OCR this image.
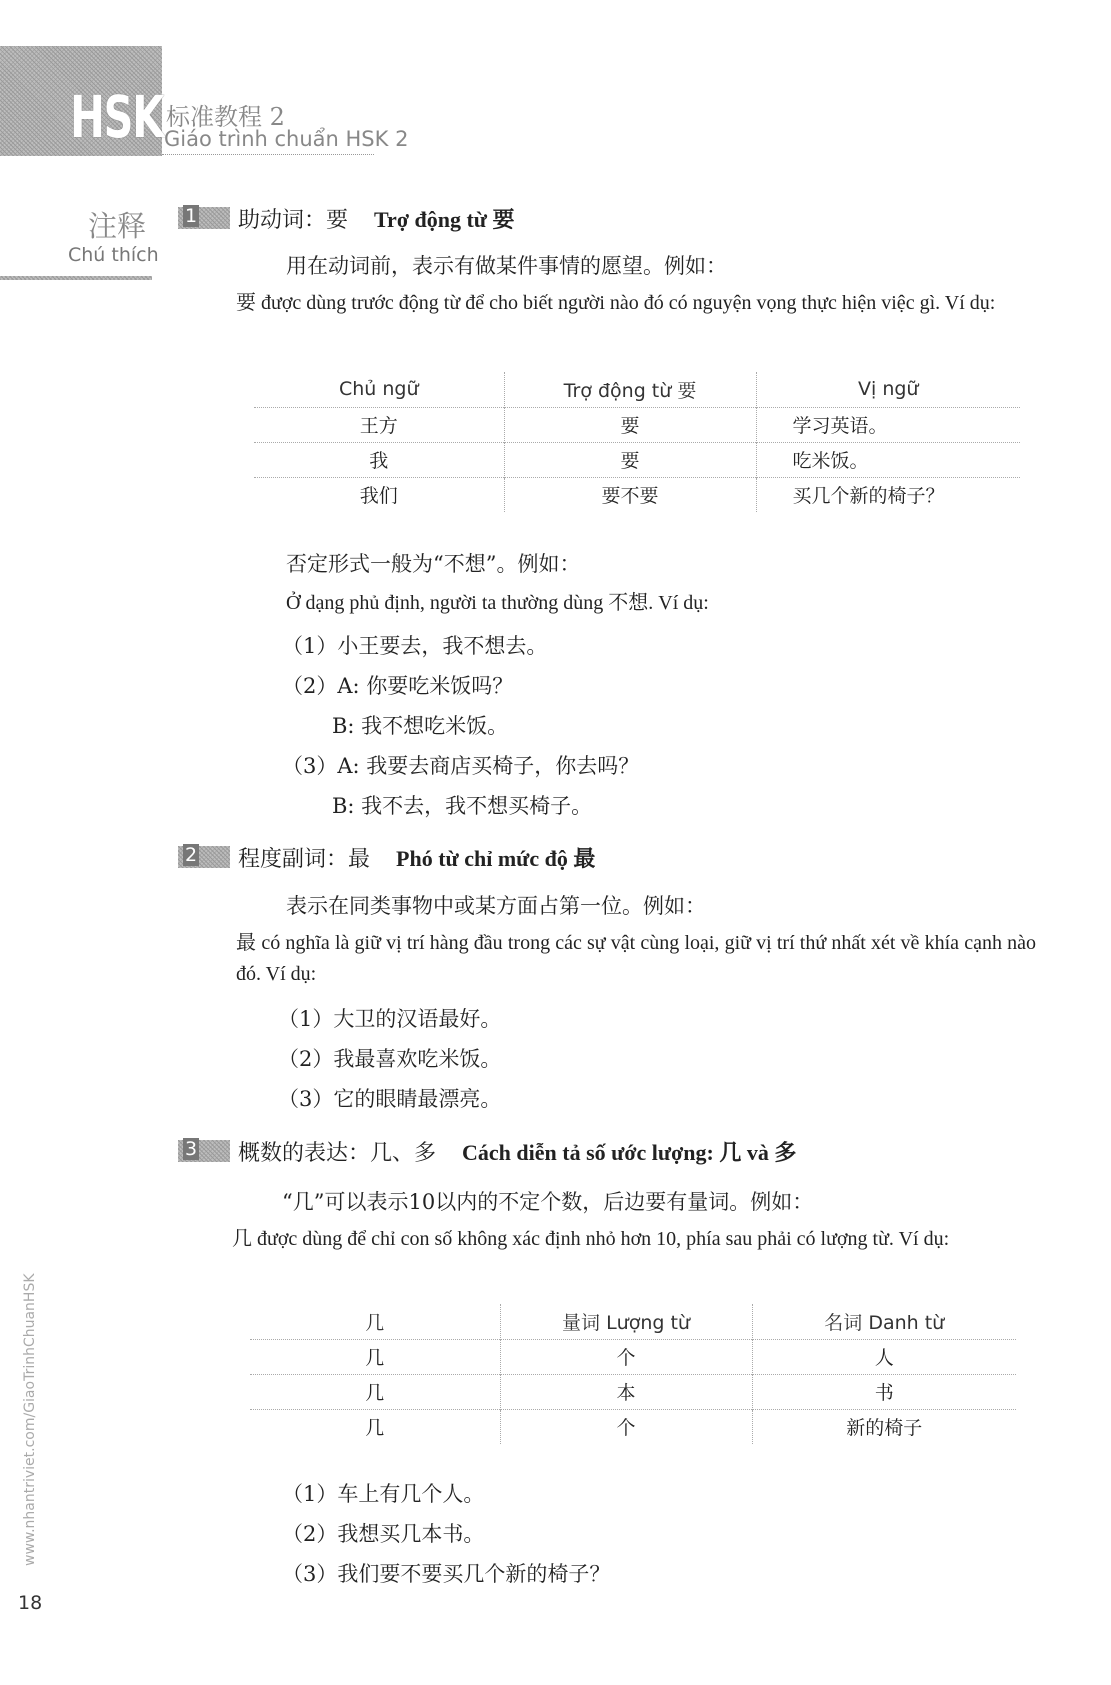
HSK 标准教程 2
Giáo trình chuẩn HSK 2
注释
Chú thích
www.nhantriviet.com/GiaoTrinhChuanHSK
18
1 助动词：要 Trợ động từ 要
用在动词前，表示有做某件事情的愿望。例如：
要 được dùng trước động từ để cho biết người nào đó có nguyện vọng thực hiện việc gì. Ví dụ:
Chủ ngữ	Trợ động từ 要	Vị ngữ
王方	要	学习英语。
我	要	吃米饭。
我们	要不要	买几个新的椅子？
否定形式一般为“不想”。例如：
Ở dạng phủ định, người ta thường dùng 不想. Ví dụ:
（1）小王要去，我不想去。
（2）A: 你要吃米饭吗？
B: 我不想吃米饭。
（3）A: 我要去商店买椅子，你去吗？
B: 我不去，我不想买椅子。
2 程度副词：最 Phó từ chỉ mức độ 最
表示在同类事物中或某方面占第一位。例如：
最 có nghĩa là giữ vị trí hàng đầu trong các sự vật cùng loại, giữ vị trí thứ nhất xét về khía cạnh nào đó. Ví dụ:
（1）大卫的汉语最好。
（2）我最喜欢吃米饭。
（3）它的眼睛最漂亮。
3 概数的表达：几、多 Cách diễn tả số ước lượng: 几 và 多
“几”可以表示10以内的不定个数，后边要有量词。例如：
几 được dùng để chỉ con số không xác định nhỏ hơn 10, phía sau phải có lượng từ. Ví dụ:
几	量词 Lượng từ	名词 Danh từ
几	个	人
几	本	书
几	个	新的椅子
（1）车上有几个人。
（2）我想买几本书。
（3）我们要不要买几个新的椅子？
